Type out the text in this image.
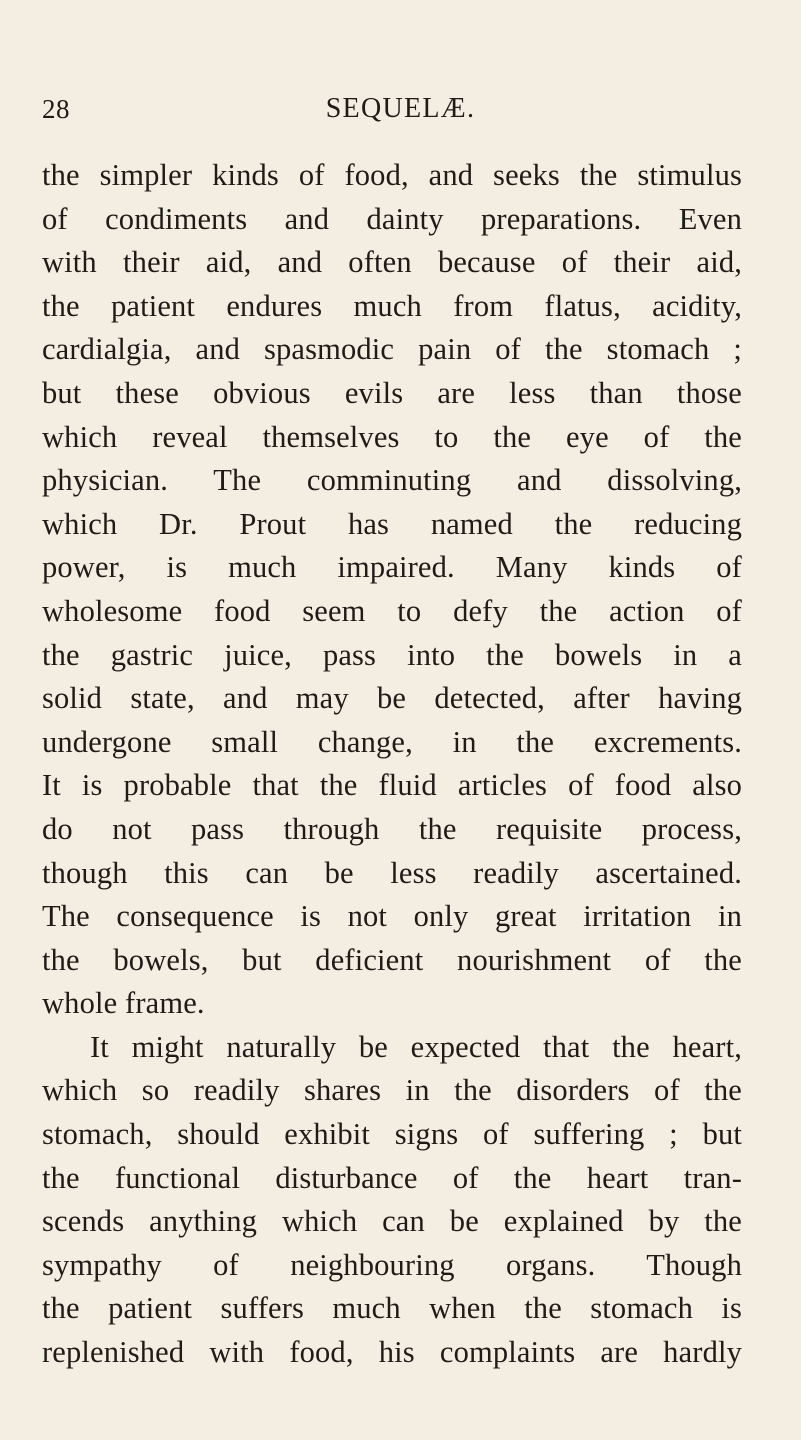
28	SEQUELÆ.
the simpler kinds of food, and seeks the stimulus
of condiments and dainty preparations. Even
with their aid, and often because of their aid,
the patient endures much from flatus, acidity,
cardialgia, and spasmodic pain of the stomach ;
but these obvious evils are less than those
which reveal themselves to the eye of the
physician. The comminuting and dissolving,
which Dr. Prout has named the reducing
power, is much impaired. Many kinds of
wholesome food seem to defy the action of
the gastric juice, pass into the bowels in a
solid state, and may be detected, after having
undergone small change, in the excrements.
It is probable that the fluid articles of food also
do not pass through the requisite process,
though this can be less readily ascertained.
The consequence is not only great irritation in
the bowels, but deficient nourishment of the
whole frame.
It might naturally be expected that the heart,
which so readily shares in the disorders of the
stomach, should exhibit signs of suffering ; but
the functional disturbance of the heart tran-
scends anything which can be explained by the
sympathy of neighbouring organs. Though
the patient suffers much when the stomach is
replenished with food, his complaints are hardly
